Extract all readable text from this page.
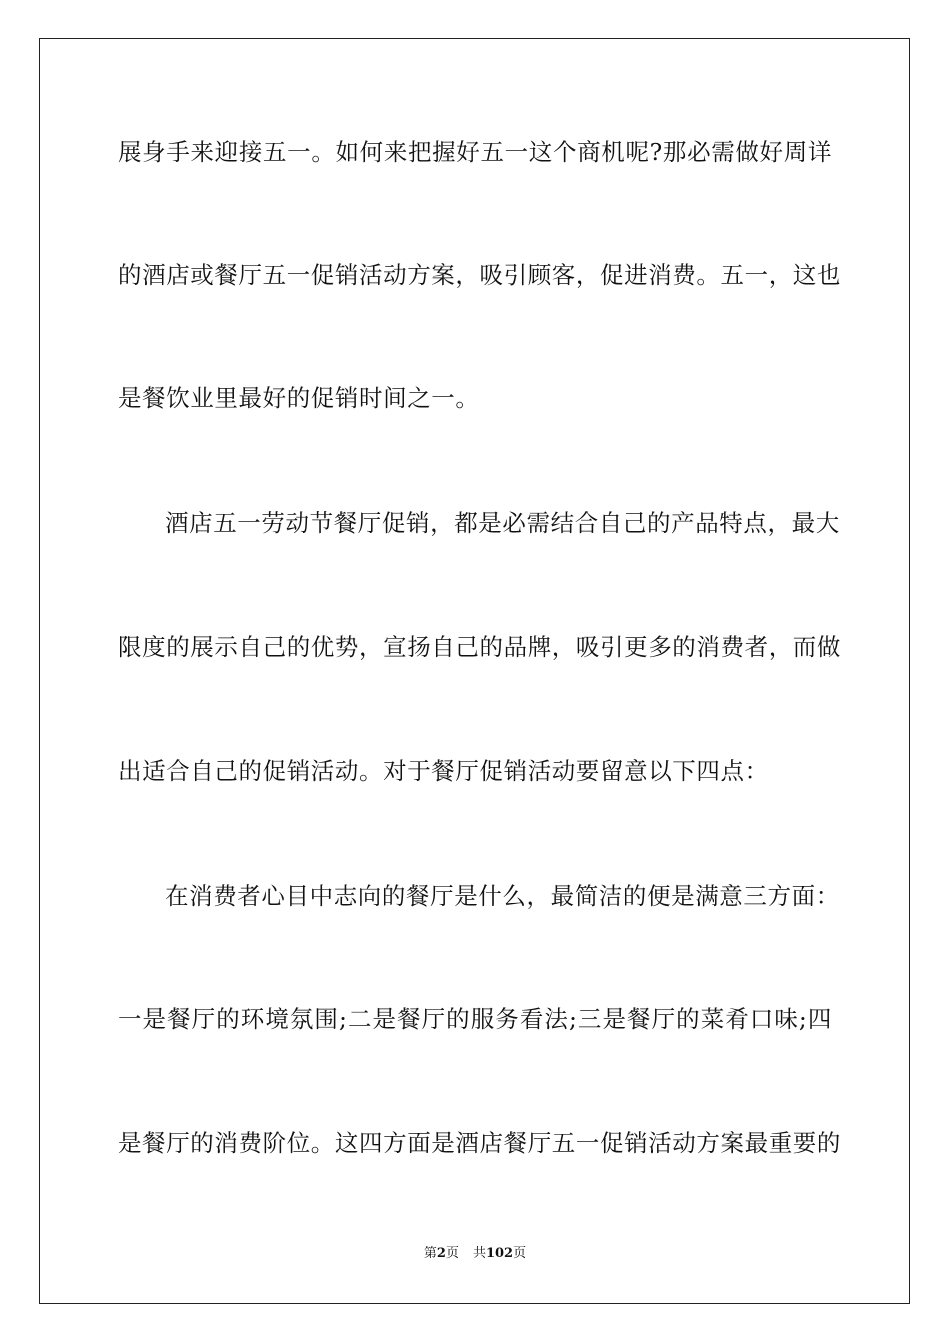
展身手来迎接五一。如何来把握好五一这个商机呢?那必需做好周详
的酒店或餐厅五一促销活动方案，吸引顾客，促进消费。五一，这也
是餐饮业里最好的促销时间之一。
酒店五一劳动节餐厅促销，都是必需结合自己的产品特点，最大
限度的展示自己的优势，宣扬自己的品牌，吸引更多的消费者，而做
出适合自己的促销活动。对于餐厅促销活动要留意以下四点：
在消费者心目中志向的餐厅是什么，最简洁的便是满意三方面：
一是餐厅的环境氛围;二是餐厅的服务看法;三是餐厅的菜肴口味;四
是餐厅的消费阶位。这四方面是酒店餐厅五一促销活动方案最重要的
第2页 共102页
